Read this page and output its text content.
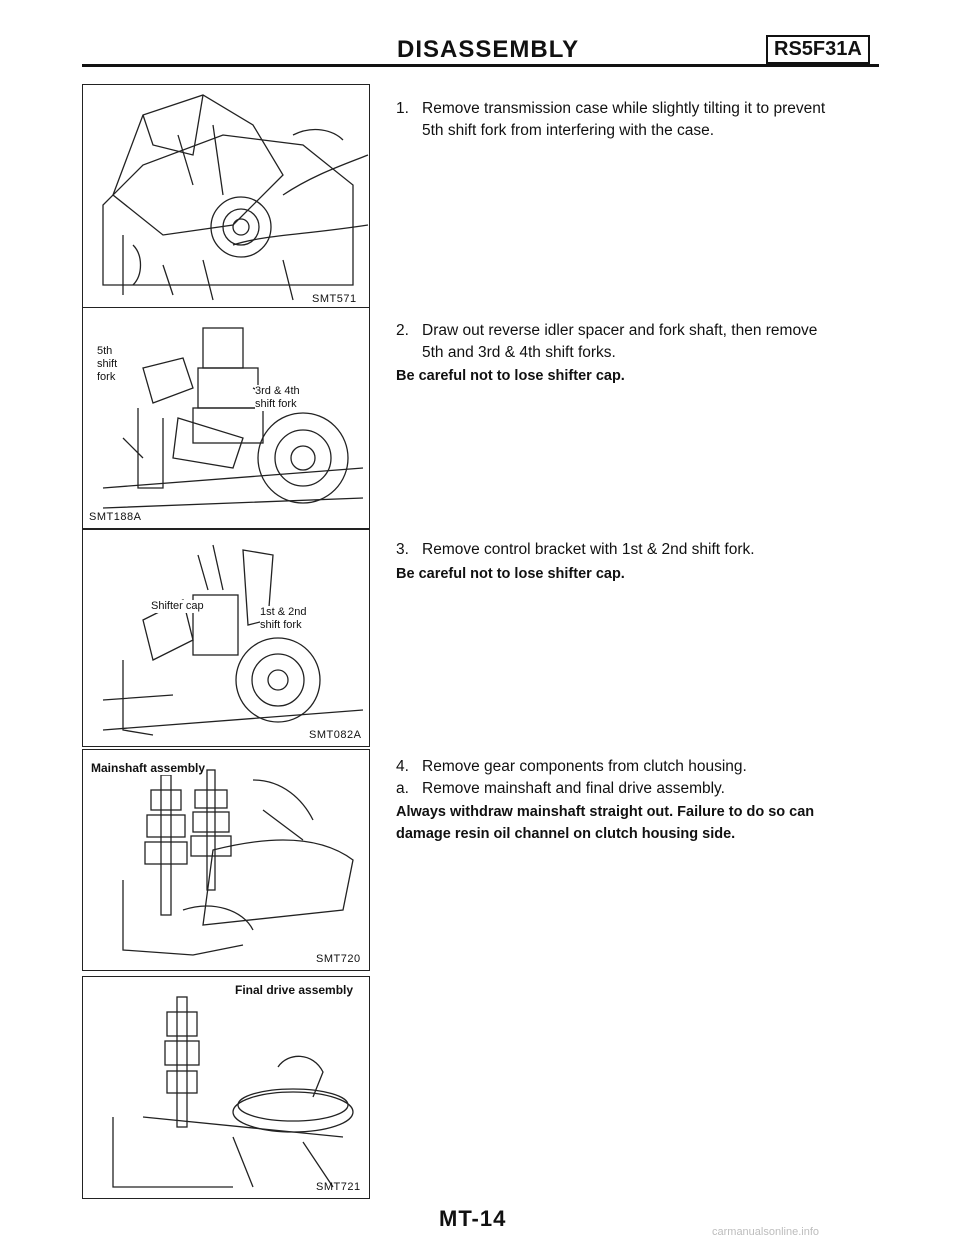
DISASSEMBLY	RS5F31A
SMT571
5th
shift
fork
3rd & 4th
shift fork
SMT188A
Shifter cap	1st & 2nd
shift fork
SMT082A
Mainshaft assembly
SMT720
Final drive assembly
SMT721
1. Remove transmission case while slightly tilting it to prevent
5th shift fork from interfering with the case.
2. Draw out reverse idler spacer and fork shaft, then remove
5th and 3rd & 4th shift forks.
Be careful not to lose shifter cap.
3. Remove control bracket with 1st & 2nd shift fork.
Be careful not to lose shifter cap.
4. Remove gear components from clutch housing.
a. Remove mainshaft and final drive assembly.
Always withdraw mainshaft straight out. Failure to do so can
damage resin oil channel on clutch housing side.
MT-14
carmanualsonline.info
